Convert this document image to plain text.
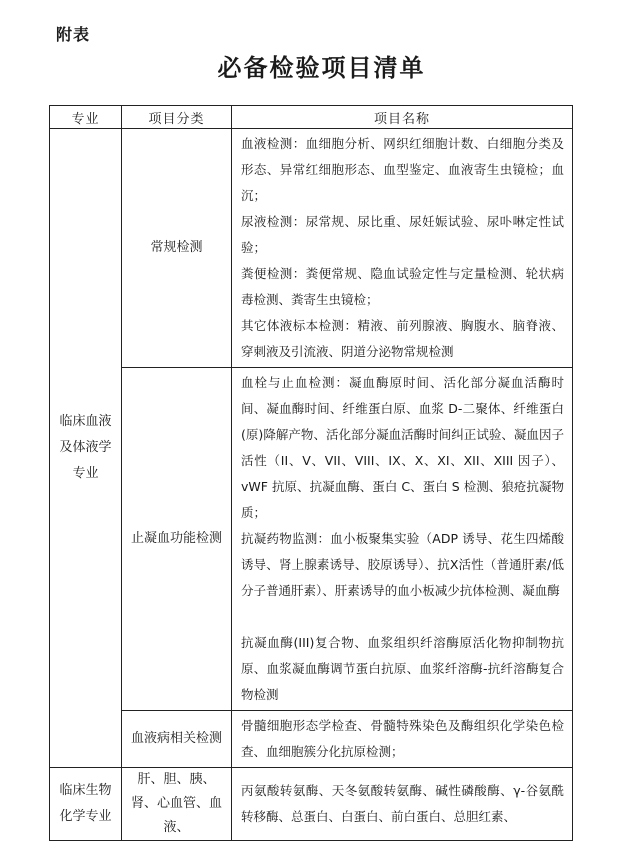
附表
必备检验项目清单
专业	项目分类	项目名称
临床血液及体液学专业	常规检测	血液检测：血细胞分析、网织红细胞计数、白细胞分类及形态、异常红细胞形态、血型鉴定、血液寄生虫镜检；血沉；

尿液检测：尿常规、尿比重、尿妊娠试验、尿卟啉定性试验；

粪便检测：粪便常规、隐血试验定性与定量检测、轮状病毒检测、粪寄生虫镜检；

其它体液标本检测：精液、前列腺液、胸腹水、脑脊液、穿刺液及引流液、阴道分泌物常规检测

	止凝血功能检测	血栓与止血检测：凝血酶原时间、活化部分凝血活酶时间、凝血酶时间、纤维蛋白原、血浆 D-二聚体、纤维蛋白(原)降解产物、活化部分凝血活酶时间纠正试验、凝血因子活性（II、V、VII、VIII、IX、X、XI、XII、XIII 因子）、vWF 抗原、抗凝血酶、蛋白 C、蛋白 S 检测、狼疮抗凝物质；

抗凝药物监测：血小板聚集实验（ADP 诱导、花生四烯酸诱导、肾上腺素诱导、胶原诱导）、抗X活性（普通肝素/低分子普通肝素）、肝素诱导的血小板减少抗体检测、凝血酶

抗凝血酶(III)复合物、血浆组织纤溶酶原活化物抑制物抗原、血浆凝血酶调节蛋白抗原、血浆纤溶酶-抗纤溶酶复合物检测

	血液病相关检测	骨髓细胞形态学检查、骨髓特殊染色及酶组织化学染色检查、血细胞簇分化抗原检测；

临床生物化学专业	肝、胆、胰、肾、心血管、血液、	丙氨酸转氨酶、天冬氨酸转氨酶、碱性磷酸酶、γ-谷氨酰转移酶、总蛋白、白蛋白、前白蛋白、总胆红素、
